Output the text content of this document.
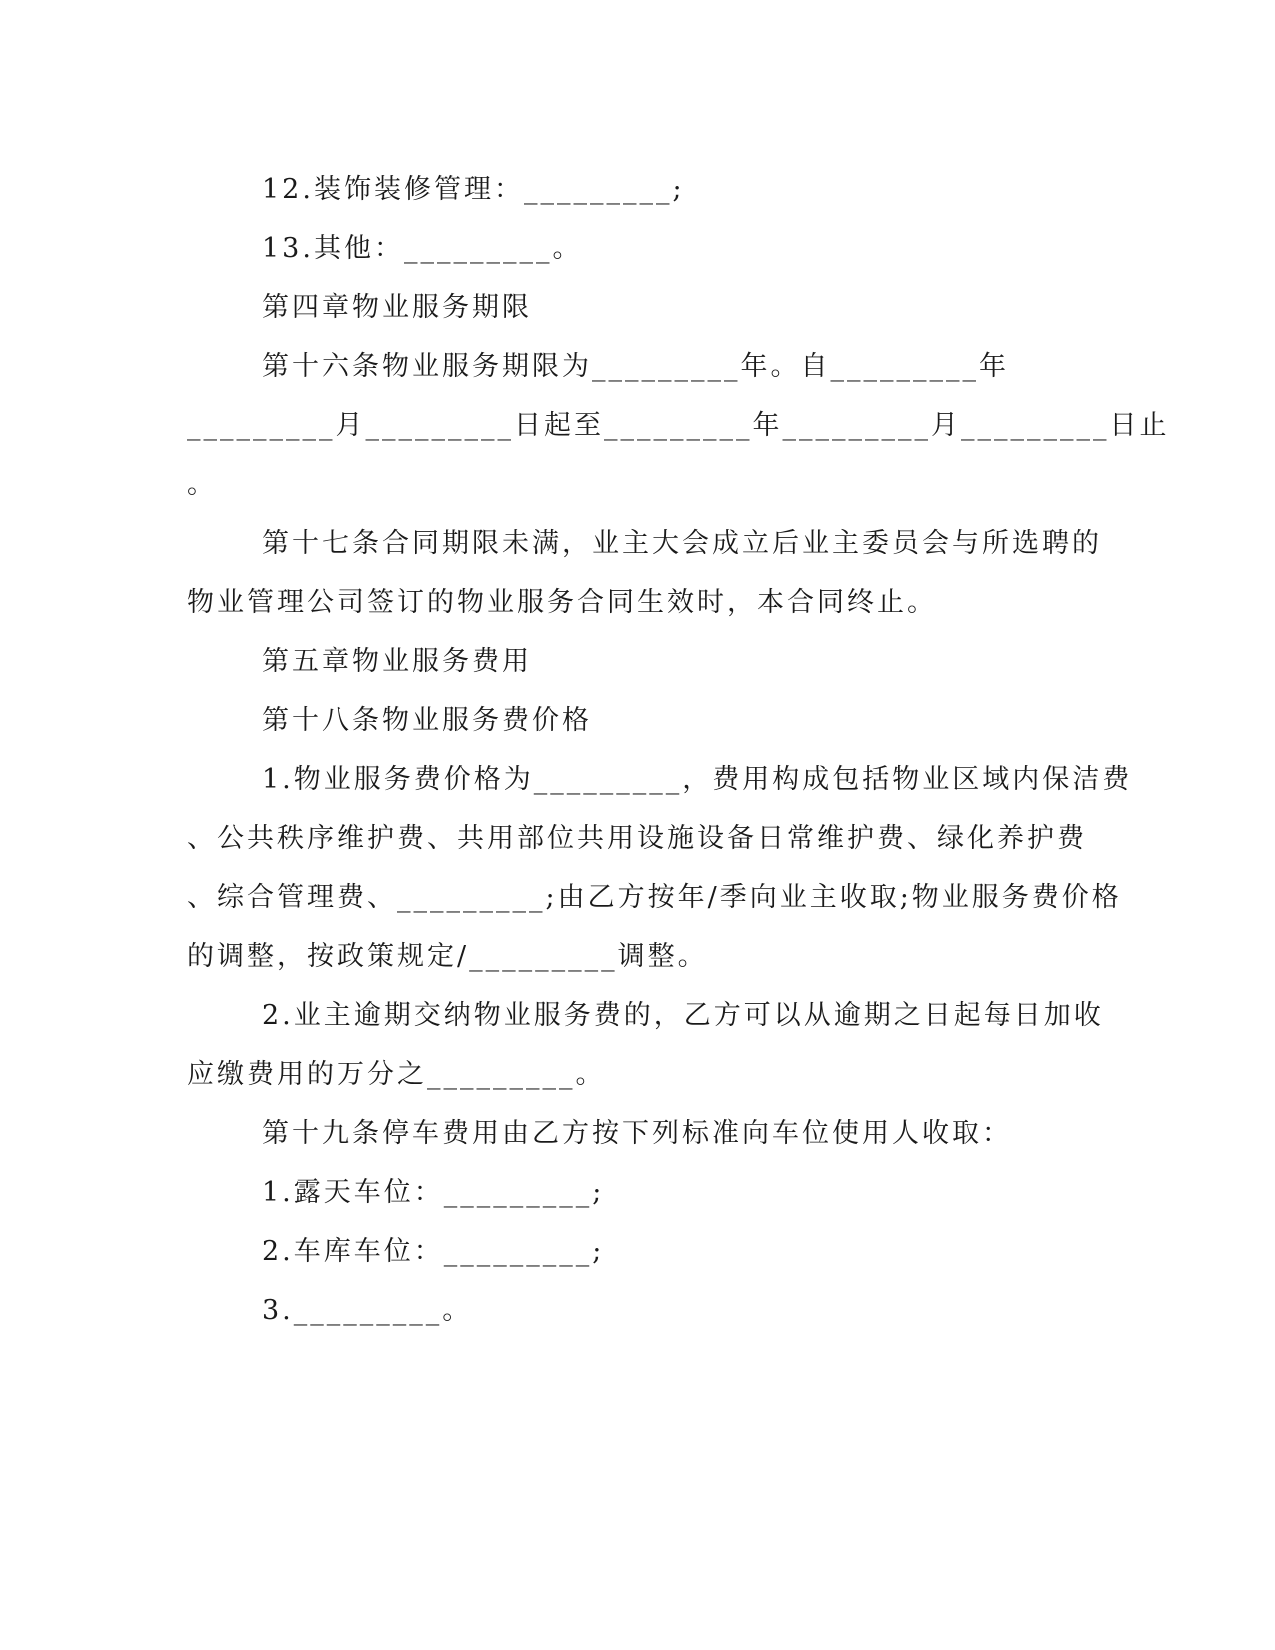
12.装饰装修管理：_________;
13.其他：_________。
第四章物业服务期限
第十六条物业服务期限为_________年。自_________年
_________月_________日起至_________年_________月_________日止
。
第十七条合同期限未满，业主大会成立后业主委员会与所选聘的
物业管理公司签订的物业服务合同生效时，本合同终止。
第五章物业服务费用
第十八条物业服务费价格
1.物业服务费价格为_________，费用构成包括物业区域内保洁费
、公共秩序维护费、共用部位共用设施设备日常维护费、绿化养护费
、综合管理费、_________;由乙方按年/季向业主收取;物业服务费价格
的调整，按政策规定/_________调整。
2.业主逾期交纳物业服务费的，乙方可以从逾期之日起每日加收
应缴费用的万分之_________。
第十九条停车费用由乙方按下列标准向车位使用人收取：
1.露天车位：_________;
2.车库车位：_________;
3._________。
